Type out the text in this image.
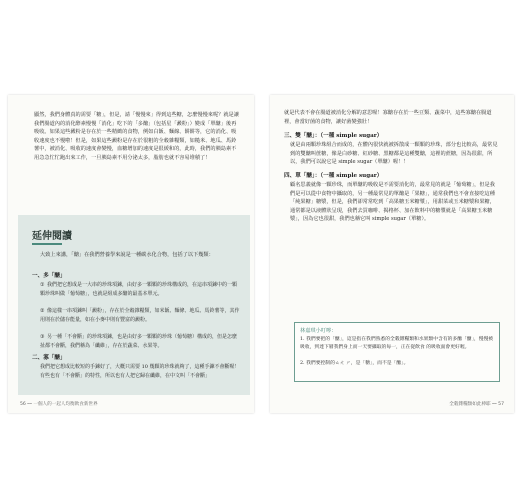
顯然，我們身體真的需要「糖」，但是，請「慢慢來」得到這些糖，怎麼慢慢來呢？就是讓我們腸道內的消化酵素慢慢「消化」吃下的「多醣」（包括星「澱粉」）變成「單醣」後再吸收。如果這些澱粉是存在於一些精緻的食物，例如白飯、麵線、餅餅等，它的消化、吸收速度也不慢啦！但是，如果這些澱粉是存在於很粗的全穀雜糧類，如糙米、地瓜、馬鈴薯中，被消化、吸收的速度會變慢，血糖增加的速度是很緩和的，此時，我們的胰島素不用急急忙忙跑出來工作，一旦胰島素不用分泌太多，脂肪也就不容易堆積了！

延伸閱讀

大致上來講，「醣」在我們營養學來說是一種碳水化合物，包括了以下幾類：

一、多「醣」
① 我們把它想成是一大串的珍珠項鍊，由好多一顆顆的珍珠構成的，在這串項鍊中的一顆顆珍珠叫做「葡萄糖」，也就是組成多醣的最基本單元。
② 像這樣一串項鍊叫「澱粉」，存在於全穀雜糧類，如米飯、麵條、地瓜、馬鈴薯等，其作用則在於儲存能量，如在小麥中則有豐富的澱粉。
③ 另一種「不會斷」的珍珠項鍊，也是由好多一顆顆的珍珠（葡萄糖）構成的，但是怎麼扯都不會斷，我們稱為「纖維」，存在於蔬菜、水果等。
二、寡「醣」
我們把它想成比較短的手鍊好了，大概只需要 10 幾顆的珍珠就夠了，這種手鍊不會斷喔！有些也有「不會斷」的特性，所以也有人把它歸在纖維，在中文叫「不會斷」
56 ⎯⎯ 一個人的一起人均衡飲食新世界

就是代表不會在腸道被消化分解的意思喔！寡醣存在於一些豆類、蔬菜中，這些寡醣在腸道裡，會當好菌的食物，讓好菌變強壯！

三、雙「醣」：（一種 simple sugar）

就是由兩顆珍珠組合而成的，在體內很快就被拆散成一顆顆的珍珠，部分也比較高，最常見到的雙醣叫蔗糖，像是白砂糖、紅砂糖、黑糖都是這種雙醣，這裡的蔗糖，因為很甜，所以，我們可以說它是 simple sugar（單醣）喔！！

四、單「醣」：（一種 simple sugar）

顧名思義就像一顆珍珠，而單醣的吸收是不需要消化的，最常見的就是「葡萄糖」，但是我們是可以從中食物中攝取的，另一種最常見的單醣是「果糖」，通常我們也不會直接吃這種「純果糖」糖漿，但是，我們卻常常吃到「高果糖玉米糖漿」，用甜菜或玉米糖漿和果糖，通常都是以液體狀呈現，我們去買咖啡、揭格杯、加在飲料中的糖漿就是「高果糖玉米糖漿」，因為它也很甜，我們也稱它叫 simple sugar（單糖）。

林嘉琪小叮嚀：
1. 我們要把的「醣」，這是指在我們熟悉的全穀雜糧類和水果類中含有的多醣「醣」，慢慢被吸收，到達下層我們身上而一天要攝取的每一，正在從飲食 的吸收面會更好喔。
2. 我們要控制的ㄊㄤ ㄕ，是「糖」，而不是「醣」。
全穀雜糧類如此棒耶 ⎯⎯ 57
